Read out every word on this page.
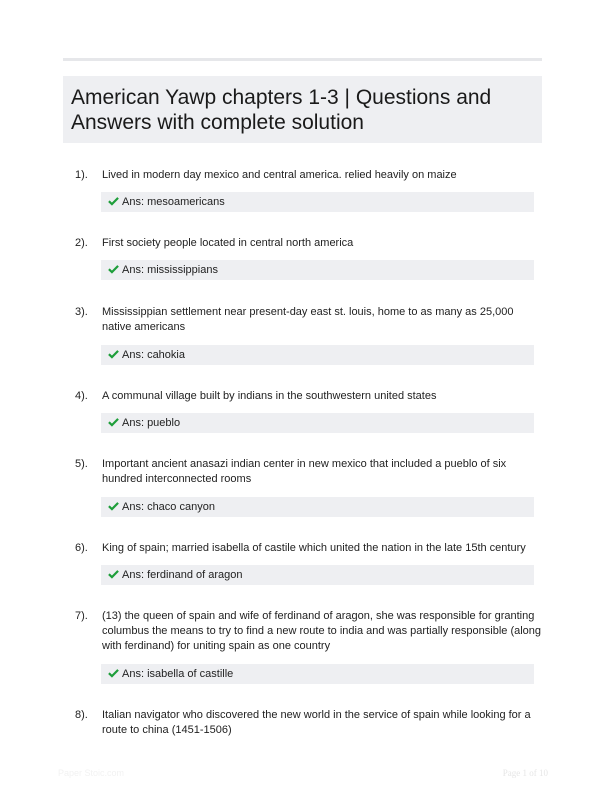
American Yawp chapters 1-3 | Questions and Answers with complete solution
1). Lived in modern day mexico and central america. relied heavily on maize
Ans: mesoamericans
2). First society people located in central north america
Ans: mississippians
3). Mississippian settlement near present-day east st. louis, home to as many as 25,000 native americans
Ans: cahokia
4). A communal village built by indians in the southwestern united states
Ans: pueblo
5). Important ancient anasazi indian center in new mexico that included a pueblo of six hundred interconnected rooms
Ans: chaco canyon
6). King of spain; married isabella of castile which united the nation in the late 15th century
Ans: ferdinand of aragon
7). (13) the queen of spain and wife of ferdinand of aragon, she was responsible for granting columbus the means to try to find a new route to india and was partially responsible (along with ferdinand) for uniting spain as one country
Ans: isabella of castille
8). Italian navigator who discovered the new world in the service of spain while looking for a route to china (1451-1506)
Paper Stoic.com	Page 1 of 10
